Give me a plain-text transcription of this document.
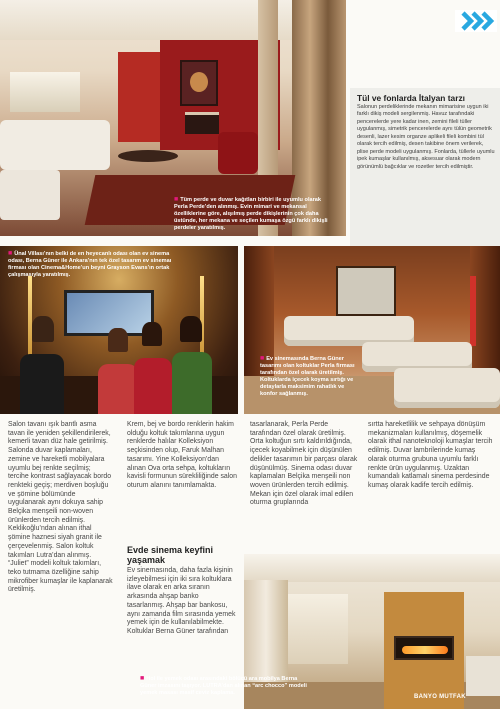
■ Tüm perde ve duvar kağıtları birbiri ile uyumlu olarak Perla Perde’den alınmış. Evin mimari ve mekansal özelliklerine göre, alışılmış perde dikişlerinin çok daha üstünde, her mekana ve seçilen kumaşa özgü farklı dikişli perdeler yaratılmış.
Tül ve fonlarda İtalyan tarzı
Salonun perdeliklerinde mekanın mimarisine uygun iki farklı dikiş modeli sergilenmiş. Havuz tarafındaki pencerelerde yere kadar inen, zemini fileli tüller uygulanmış, simetrik pencerelerde aynı tülün geometrik desenli, lazer kesim organze aplikeli fileli kombini tül olarak tercih edilmiş, desen takibine önem verilerek, plise perde modeli uygulanmış. Fonlarda, tüllerle uyumlu ipek kumaşlar kullanılmış, aksesuar olarak modern görünümlü bağcıklar ve rozetler tercih edilmiştir.
■ Ünal Villası’nın belki de en heyecanlı odası olan ev sinema odası, Berna Güner ile Ankara’nın tek özel tasarım ev sinemaı firması olan Cinema&Home’un beyni Grayson Evans’ın ortak çalışmasıyla yaratılmış.
■ Ev sinemasında Berna Güner tasarımı olan koltuklar Perla firması tarafından özel olarak üretilmiş. Koltuklarda içecek koyma sırtığı ve detaylarla maksimim rahatlık ve konfor sağlanmış.
Salon tavanı ışık bantlı asma tavan ile yeniden şekillendirilerek, kemerli tavan düz hale getirilmiş. Salonda duvar kaplamaları, zemine ve hareketli mobilyalara uyumlu bej renkte seçilmiş; tercihe kontrast sağlayacak bordo renkteki geçiş; merdiven boşluğu ve şömine bölümünde uygulanarak aynı dokuya sahip Belçika menşeili non-woven ürünlerden tercih edilmiş. Keklikoğlu’ndan alınan ithal şömine haznesi siyah granit ile çerçevelenmiş. Salon koltuk takımları Lutra’dan alınmış. “Juliet” modeli koltuk takımları, teko tutmama özelliğine sahip mikrofiber kumaşlar ile kaplanarak üretilmiş.
Krem, bej ve bordo renklerin hakim olduğu koltuk takımlarına uygun renklerde halılar Kolleksiyon seçkisinden olup, Faruk Malhan tasarımı. Yine Kolleksiyon’dan alınan Ova orta sehpa, koltukların kavisli formunun sürekliliğinde salon oturum alanını tanımlamakta.
Evde sinema keyfini yaşamak
Ev sinemasında, daha fazla kişinin izleyebilmesi için iki sıra koltuklara ilave olarak en arka sıranın arkasında ahşap banko tasarlanmış. Ahşap bar bankosu, aynı zamanda film sırasında yemek yemek için de kullanılabilmekte. Koltuklar Berna Güner tarafından
tasarlanarak, Perla Perde tarafından özel olarak üretilmiş. Orta koltuğun sırtı kaldırıldığında, içecek koyabilmek için düşünülen delikler tasarımın bir parçası olarak düşünülmüş. Sinema odası duvar kaplamaları Belçika menşeili non woven ürünlerden tercih edilmiş. Mekan için özel olarak imal edilen oturma gruplarında
sırtta hareketlilik ve sehpaya dönüşüm mekanizmaları kullanılmış, döşemelik olarak ithal nanoteknoloji kumaşlar tercih edilmiş. Duvar lambrilerinde kumaş olarak oturma grubuna uyumlu farklı renkte ürün uygulanmış. Uzaktan kumandalı katlamalı sinema perdesinde kumaş olarak kadife tercih edilmiş.
■ Hol ile yemek odası arasındaki bölücü ara mobilya Berna Güner imzasını taşıyor. LUTRA’dan alınan “arc chocco” modeli yemek masası masif ceviz kaplama.
BANYO MUTFAK
